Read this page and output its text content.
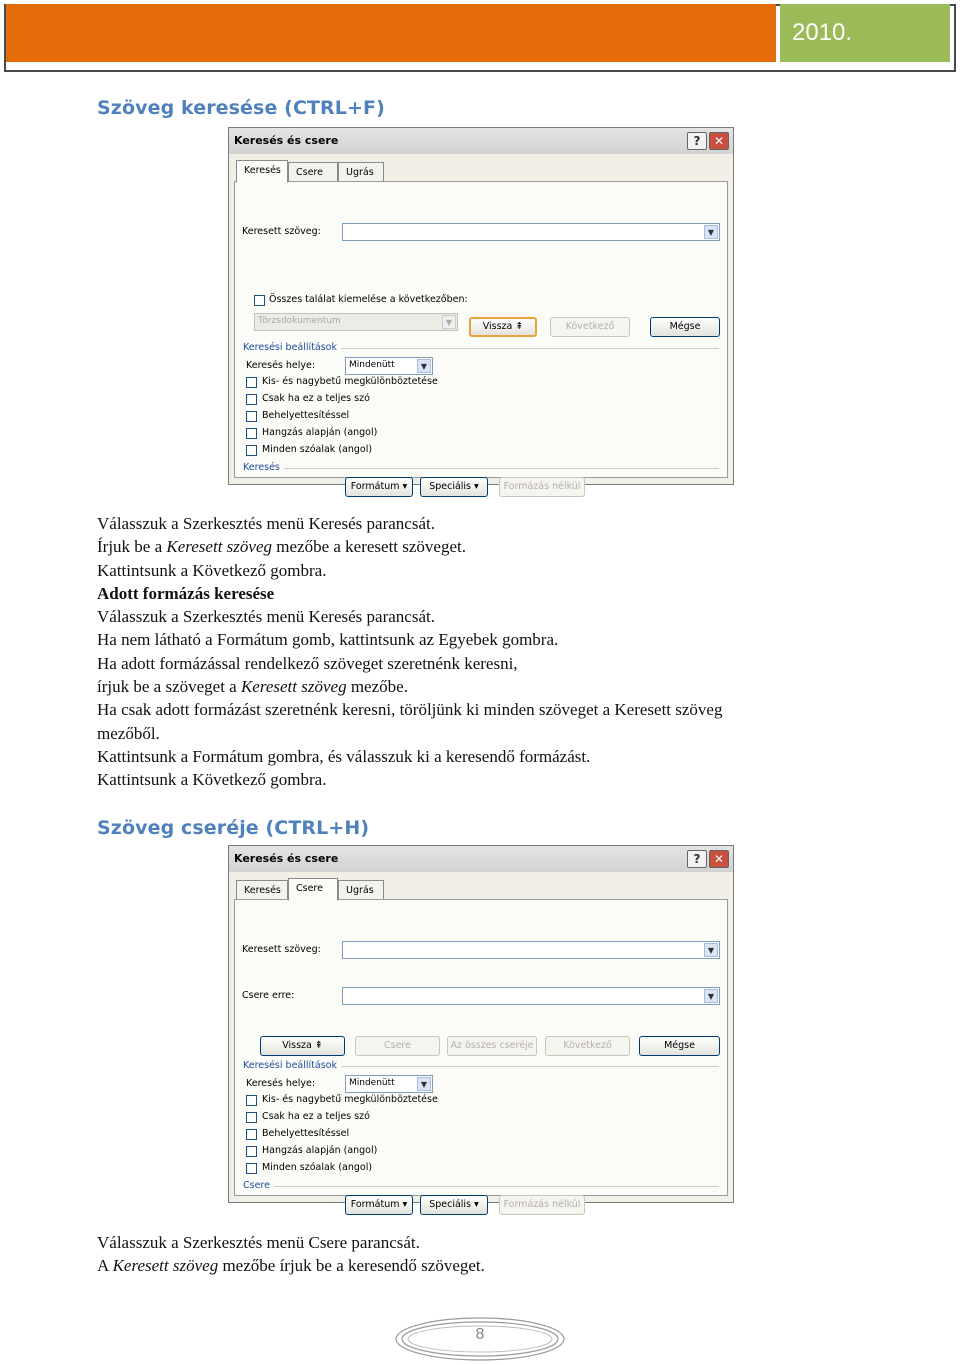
2010.
Szöveg keresése (CTRL+F)
Keresés és csere	?	✕
Keresés	Csere	Ugrás
Keresett szöveg:	▼
Összes találat kiemelése a következőben:
Törzsdokumentum	▼	Vissza ⇞	Következő	Mégse
Keresési beállítások
Keresés helye:	Mindenütt	▼
Kis- és nagybetű megkülönböztetése
Csak ha ez a teljes szó
Behelyettesítéssel
Hangzás alapján (angol)
Minden szóalak (angol)
Keresés
Formátum ▾	Speciális ▾	Formázás nélkül
Válasszuk a Szerkesztés menü Keresés parancsát.
Írjuk be a Keresett szöveg mezőbe a keresett szöveget.
Kattintsunk a Következő gombra.
Adott formázás keresése
Válasszuk a Szerkesztés menü Keresés parancsát.
Ha nem látható a Formátum gomb, kattintsunk az Egyebek gombra.
Ha adott formázással rendelkező szöveget szeretnénk keresni,
írjuk be a szöveget a Keresett szöveg mezőbe.
Ha csak adott formázást szeretnénk keresni, töröljünk ki minden szöveget a Keresett szöveg
mezőből.
Kattintsunk a Formátum gombra, és válasszuk ki a keresendő formázást.
Kattintsunk a Következő gombra.
Szöveg cseréje (CTRL+H)
Keresés és csere	?	✕
Keresés	Csere	Ugrás
Keresett szöveg:	▼
Csere erre:	▼
Vissza ⇞	Csere	Az összes cseréje	Következő	Mégse
Keresési beállítások
Keresés helye:	Mindenütt	▼
Kis- és nagybetű megkülönböztetése
Csak ha ez a teljes szó
Behelyettesítéssel
Hangzás alapján (angol)
Minden szóalak (angol)
Csere
Formátum ▾	Speciális ▾	Formázás nélkül
Válasszuk a Szerkesztés menü Csere parancsát.
A Keresett szöveg mezőbe írjuk be a keresendő szöveget.
8
